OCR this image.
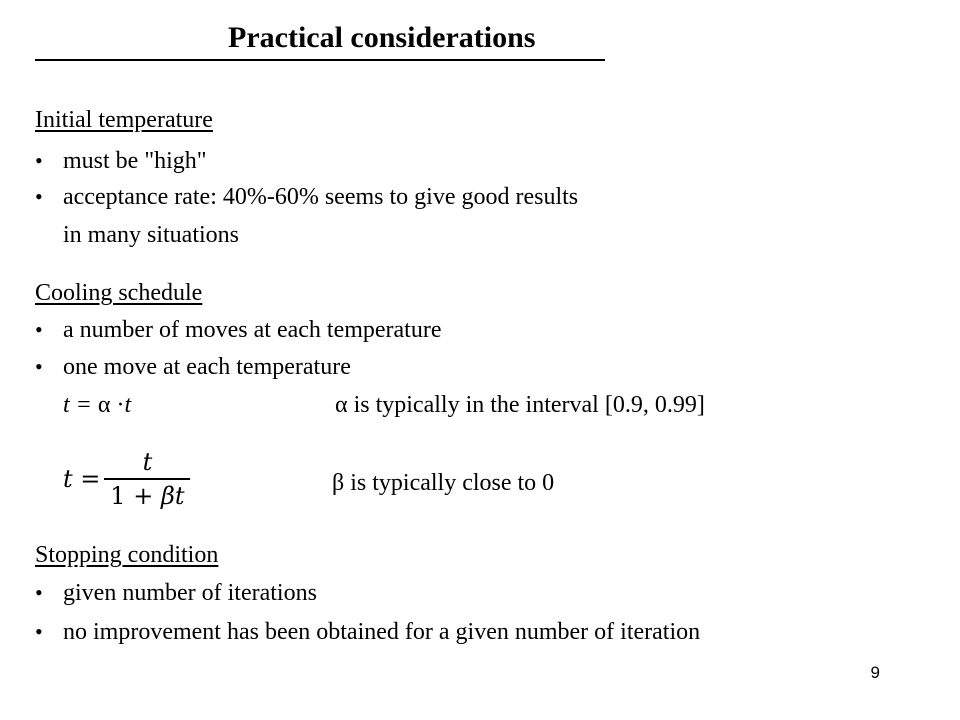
Practical considerations
Initial temperature
• must be "high"
• acceptance rate: 40%-60% seems to give good results
in many situations
Cooling schedule
• a number of moves at each temperature
• one move at each temperature
t = α ·t	α is typically in the interval [0.9, 0.99]
$t = \frac{t}{1 + \beta t}$	β is typically close to 0
Stopping condition
• given number of iterations
• no improvement has been obtained for a given number of iteration
9
